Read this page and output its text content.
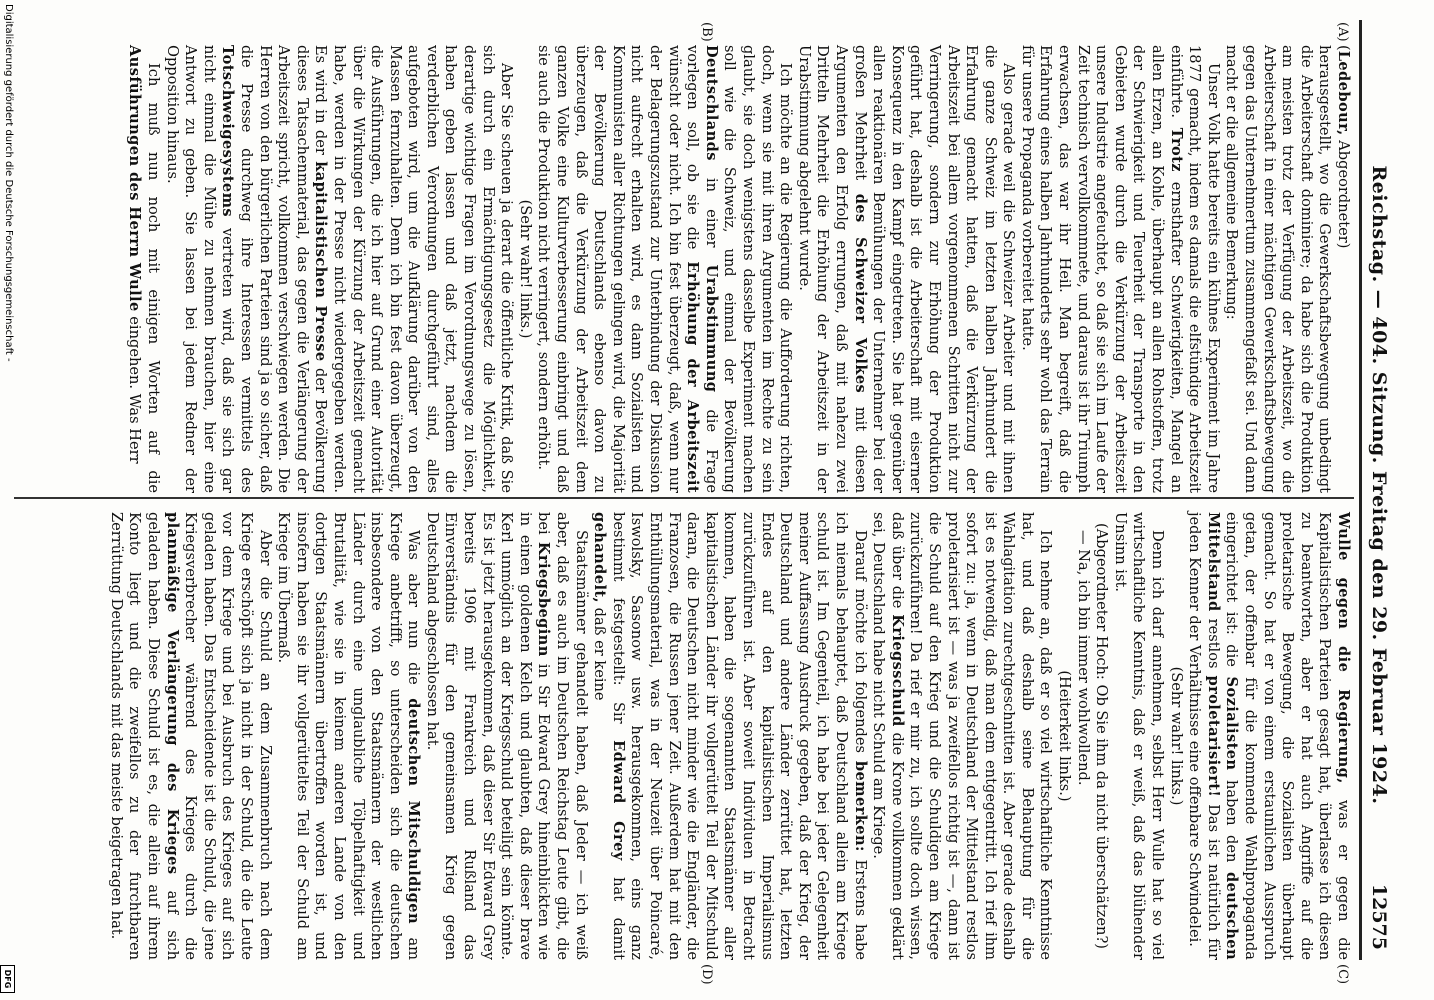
Reichstag. — 404. Sitzung. Freitag den 29. Februar 1924.
12575
(A)
(B)
(C)
(D)

(Ledebour, Abgeordneter)

herausgestellt, wo die Gewerkschaftsbewegung unbedingt die Arbeiterschaft dominiere; da habe sich die Produktion am meisten trotz der Verfügung der Arbeitszeit, wo die Arbeiterschaft in einer mächtigen Gewerkschaftsbewegung gegen das Unternehmertum zusammengefaßt sei. Und dann macht er die allgemeine Bemerkung:

Unser Volk hatte bereits ein kühnes Experiment im Jahre 1877 gemacht, indem es damals die elfstündige Arbeitszeit einführte. Trotz ernsthafter Schwierigkeiten, Mangel an allen Erzen, an Kohle, überhaupt an allen Rohstoffen, trotz der Schwierigkeit und Teuerheit der Transporte in den Gebieten wurde durch die Verkürzung der Arbeitszeit unsere Industrie angefeuchtet, so daß sie sich im Laufe der Zeit technisch vervollkommnete, und daraus ist ihr Triumph erwachsen, das war ihr Heil. Man begreift, daß die Erfahrung eines halben Jahrhunderts sehr wohl das Terrain für unsere Propaganda vorbereitet hatte.

Also gerade weil die Schweizer Arbeiter und mit ihnen die ganze Schweiz im letzten halben Jahrhundert die Erfahrung gemacht hatten, daß die Verkürzung der Arbeitszeit bei allem vorgenommenen Schritten nicht zur Verringerung, sondern zur Erhöhung der Produktion geführt hat, deshalb ist die Arbeiterschaft mit eiserner Konsequenz in den Kampf eingetreten. Sie hat gegenüber allen reaktionären Bemühungen der Unternehmer bei der großen Mehrheit des Schweizer Volkes mit diesen Argumenten den Erfolg errungen, daß mit nahezu zwei Dritteln Mehrheit die Erhöhung der Arbeitszeit in der Urabstimmung abgelehnt wurde.

Ich möchte an die Regierung die Aufforderung richten, doch, wenn sie mit ihren Argumenten im Rechte zu sein glaubt, sie doch wenigstens dasselbe Experiment machen soll wie die Schweiz, und einmal der Bevölkerung Deutschlands in einer Urabstimmung die Frage vorlegen soll, ob sie die Erhöhung der Arbeitszeit wünscht oder nicht. Ich bin fest überzeugt, daß, wenn nur der Belagerungszustand zur Unterbindung der Diskussion nicht aufrecht erhalten wird, es dann Sozialisten und Kommunisten aller Richtungen gelingen wird, die Majorität der Bevölkerung Deutschlands ebenso davon zu überzeugen, daß die Verkürzung der Arbeitszeit dem ganzen Volke eine Kulturverbesserung einbringt und daß sie auch die Produktion nicht verringert, sondern erhöht.

(Sehr wahr! links.)

Aber Sie scheuen ja derart die öffentliche Kritik, daß Sie sich durch ein Ermächtigungsgesetz die Möglichkeit, derartige wichtige Fragen im Verordnungswege zu lösen, haben geben lassen und daß jetzt, nachdem die verderblichen Verordnungen durchgeführt sind, alles aufgeboten wird, um die Aufklärung darüber von den Massen fernzuhalten. Denn ich bin fest davon überzeugt, die Ausführungen, die ich hier auf Grund einer Autorität über die Wirkungen der Kürzung der Arbeitszeit gemacht habe, werden in der Presse nicht wiedergegeben werden. Es wird in der kapitalistischen Presse der Bevölkerung dieses Tatsachenmaterial, das gegen die Verlängerung der Arbeitszeit spricht, vollkommen verschwiegen werden. Die Herren von den bürgerlichen Parteien sind ja so sicher, daß die Presse durchweg ihre Interessen vermittels des Totschweigesystems vertreten wird, daß sie sich gar nicht einmal die Mühe zu nehmen brauchen, hier eine Antwort zu geben. Sie lassen bei jedem Redner der Opposition hinaus.

Ich muß nun noch mit einigen Worten auf die Ausführungen des Herrn Wulle eingehen. Was Herr

Wulle gegen die Regierung, was er gegen die Kapitalistischen Parteien gesagt hat, überlasse ich diesen zu beantworten, aber er hat auch Angriffe auf die proletarische Bewegung, die Sozialisten überhaupt gemacht. So hat er von einem erstaunlichen Ausspruch getan, der offenbar für die kommende Wahlpropaganda eingerichtet ist: die Sozialisten haben den deutschen Mittelstand restlos proletarisiert! Das ist natürlich für jeden Kenner der Verhältnisse eine offenbare Schwindelei.

(Sehr wahr! links.)

Denn ich darf annehmen, selbst Herr Wulle hat so viel wirtschaftliche Kenntnis, daß er weiß, daß das blühender Unsinn ist.

(Abgeordneter Hoch: Ob Sie ihm da nicht überschätzen?)

— Na, ich bin immer wohlwollend.

(Heiterkeit links.)

Ich nehme an, daß er so viel wirtschaftliche Kenntnisse hat, und daß deshalb seine Behauptung für die Wahlagitation zurechtgeschnitten ist. Aber gerade deshalb ist es notwendig, daß man dem entgegentritt. Ich rief ihm sofort zu: ja, wenn in Deutschland der Mittelstand restlos proletarisiert ist — was ja zweifellos richtig ist —, dann ist die Schuld auf den Krieg und die Schuldigen am Kriege zurückzuführen! Da rief er mir zu, ich sollte doch wissen, daß über die Kriegsschuld die Krone vollkommen geklärt sei, Deutschland habe nicht Schuld am Kriege.

Darauf möchte ich folgendes bemerken: Erstens habe ich niemals behauptet, daß Deutschland allein am Kriege schuld ist. Im Gegenteil, ich habe bei jeder Gelegenheit meiner Auffassung Ausdruck gegeben, daß der Krieg, der Deutschland und andere Länder zerrüttet hat, letzten Endes auf den kapitalistischen Imperialismus zurückzuführen ist. Aber soweit Individuen in Betracht kommen, haben die sogenannten Staatsmänner aller kapitalistischen Länder ihr vollgerüttelt Teil der Mitschuld daran, die Deutschen nicht minder wie die Engländer, die Franzosen, die Russen jener Zeit. Außerdem hat mit den Enthüllungsmaterial, was in der Neuzeit über Poincaré, Iswolsky, Sasonow usw. herausgekommen, eins ganz bestimmt festgestellt: Sir Edward Grey hat damit gehandelt, daß er keine

Staatsmänner gehandelt haben, daß Jeder — ich weiß aber, daß es auch im Deutschen Reichstag Leute gibt, die bei Kriegsbeginn in Sir Edward Grey hineinblickten wie in einen goldenen Kelch und glaubten, daß dieser brave Kerl unmöglich an der Kriegsschuld beteiligt sein könnte. Es ist jetzt herausgekommen, daß dieser Sir Edward Grey bereits 1906 mit Frankreich und Rußland das Einverständnis für den gemeinsamen Krieg gegen Deutschland abgeschlossen hat.

Was aber nun die deutschen Mitschuldigen am Kriege anbetrifft, so unterscheiden sich die deutschen insbesondere von den Staatsmännern der westlichen Länder durch eine unglaubliche Tölpelhaftigkeit und Brutalität, wie sie in keinem anderen Lande von den dortigen Staatsmännern übertroffen worden ist, und insofern haben sie ihr vollgerütteltes Teil der Schuld am Kriege im Übermaß.

Aber die Schuld an dem Zusammenbruch nach dem Kriege erschöpft sich ja nicht in der Schuld, die die Leute vor dem Kriege und bei Ausbruch des Krieges auf sich geladen haben. Das Entscheidende ist die Schuld, die jene Kriegsverbrecher während des Krieges durch die planmäßige Verlängerung des Krieges auf sich geladen haben. Diese Schuld ist es, die allein auf ihrem Konto liegt und die zweifellos zu der furchtbaren Zerrüttung Deutschlands mit das meiste beigetragen hat.

Digitalisierung gefördert durch die Deutsche Forschungsgemeinschaft -
DFG
